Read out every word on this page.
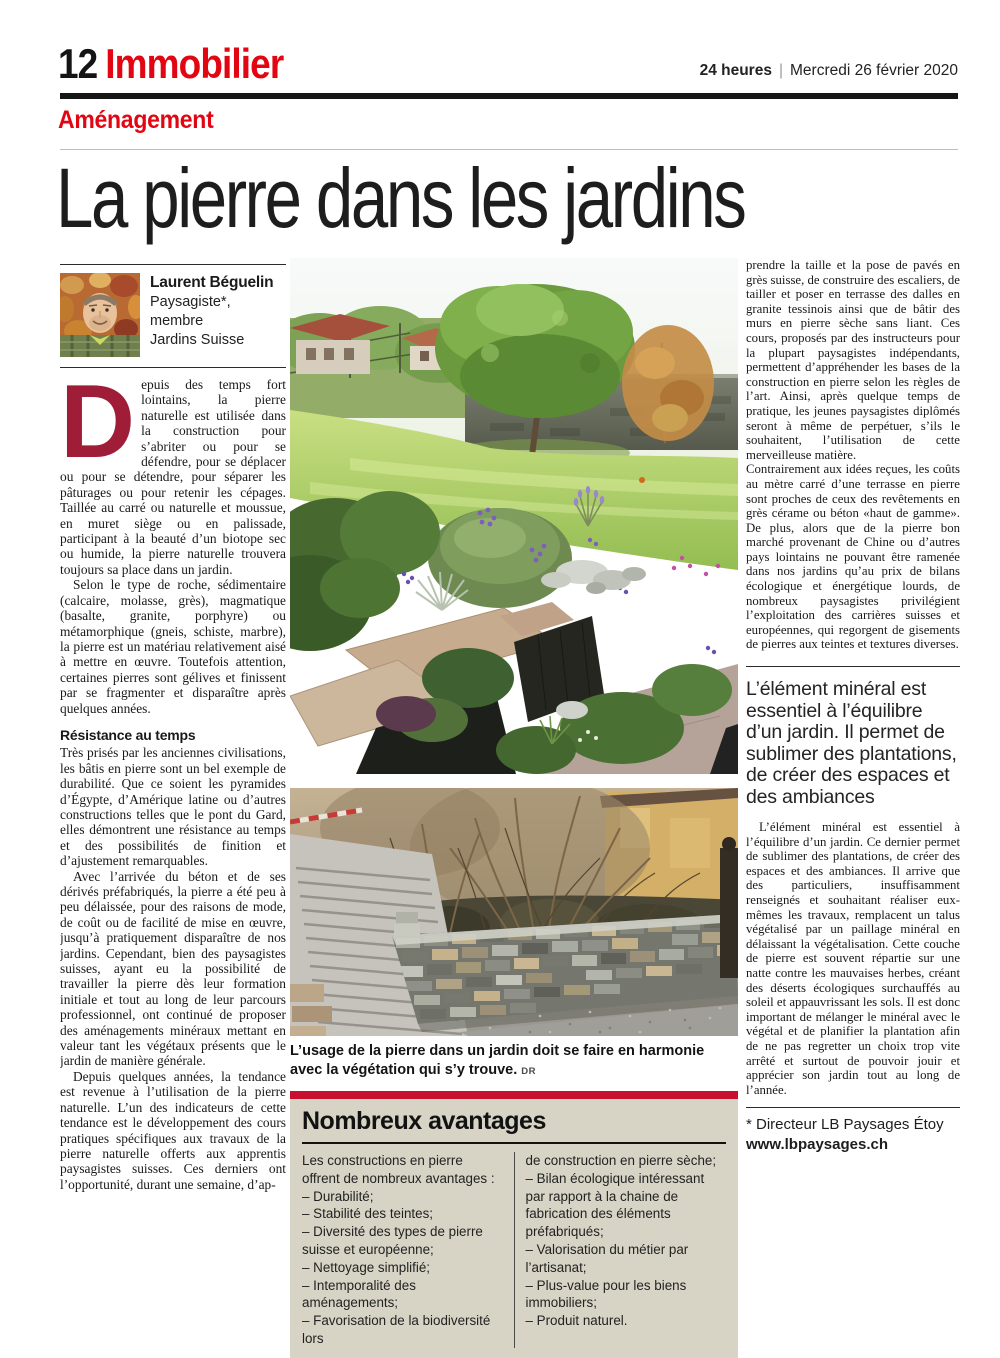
12 Immobilier	24 heures | Mercredi 26 février 2020
Aménagement
La pierre dans les jardins
Laurent Béguelin
Paysagiste*,
membre
Jardins Suisse

Depuis des temps fort lointains, la pierre naturelle est utilisée dans la construction pour s’abriter ou pour se défendre, pour se déplacer ou pour se détendre, pour séparer les pâturages ou pour retenir les cépages. Taillée au carré ou naturelle et moussue, en muret siège ou en palissade, participant à la beauté d’un biotope sec ou humide, la pierre naturelle trouvera toujours sa place dans un jardin.

Selon le type de roche, sédimentaire (calcaire, molasse, grès), magmatique (basalte, granite, porphyre) ou métamorphique (gneis, schiste, marbre), la pierre est un matériau relativement aisé à mettre en œuvre. Toutefois attention, certaines pierres sont gélives et finissent par se fragmenter et disparaître après quelques années.

Résistance au temps

Très prisés par les anciennes civilisations, les bâtis en pierre sont un bel exemple de durabilité. Que ce soient les pyramides d’Égypte, d’Amérique latine ou d’autres constructions telles que le pont du Gard, elles démontrent une résistance au temps et des possibilités de finition et d’ajustement remarquables.

Avec l’arrivée du béton et de ses dérivés préfabriqués, la pierre a été peu à peu délaissée, pour des raisons de mode, de coût ou de facilité de mise en œuvre, jusqu’à pratiquement disparaître de nos jardins. Cependant, bien des paysagistes suisses, ayant eu la possibilité de travailler la pierre dès leur formation initiale et tout au long de leur parcours professionnel, ont continué de proposer des aménagements minéraux mettant en valeur tant les végétaux présents que le jardin de manière générale.

Depuis quelques années, la tendance est revenue à l’utilisation de la pierre naturelle. L’un des indicateurs de cette tendance est le développement des cours pratiques spécifiques aux travaux de la pierre naturelle offerts aux apprentis paysagistes suisses. Ces derniers ont l’opportunité, durant une semaine, d’ap-

L’usage de la pierre dans un jardin doit se faire en harmonie avec la végétation qui s’y trouve. DR
Nombreux avantages

Les constructions en pierre offrent de nombreux avantages :

– Durabilité;
– Stabilité des teintes;
– Diversité des types de pierre suisse et européenne;
– Nettoyage simplifié;
– Intemporalité des aménagements;
– Favorisation de la biodiversité lors

de construction en pierre sèche;

– Bilan écologique intéressant par rapport à la chaine de fabrication des éléments préfabriqués;
– Valorisation du métier par l’artisanat;
– Plus-value pour les biens immobiliers;
– Produit naturel.

prendre la taille et la pose de pavés en grès suisse, de construire des escaliers, de tailler et poser en terrasse des dalles en granite tessinois ainsi que de bâtir des murs en pierre sèche sans liant. Ces cours, proposés par des instructeurs pour la plupart paysagistes indépendants, permettent d’appréhender les bases de la construction en pierre selon les règles de l’art. Ainsi, après quelque temps de pratique, les jeunes paysagistes diplômés seront à même de perpétuer, s’ils le souhaitent, l’utilisation de cette merveilleuse matière.

Contrairement aux idées reçues, les coûts au mètre carré d’une terrasse en pierre sont proches de ceux des revêtements en grès cérame ou béton «haut de gamme». De plus, alors que de la pierre bon marché provenant de Chine ou d’autres pays lointains ne pouvant être ramenée dans nos jardins qu’au prix de bilans écologique et énergétique lourds, de nombreux paysagistes privilégient l’exploitation des carrières suisses et européennes, qui regorgent de gisements de pierres aux teintes et textures diverses.

L’élément minéral est essentiel à l’équilibre d’un jardin. Il permet de sublimer des plantations, de créer des espaces et des ambiances

L’élément minéral est essentiel à l’équilibre d’un jardin. Ce dernier permet de sublimer des plantations, de créer des espaces et des ambiances. Il arrive que des particuliers, insuffisamment renseignés et souhaitant réaliser eux-mêmes les travaux, remplacent un talus végétalisé par un paillage minéral en délaissant la végétalisation. Cette couche de pierre est souvent répartie sur une natte contre les mauvaises herbes, créant des déserts écologiques surchauffés au soleil et appauvrissant les sols. Il est donc important de mélanger le minéral avec le végétal et de planifier la plantation afin de ne pas regretter un choix trop vite arrêté et surtout de pouvoir jouir et apprécier son jardin tout au long de l’année.

* Directeur LB Paysages Étoy
www.lbpaysages.ch
